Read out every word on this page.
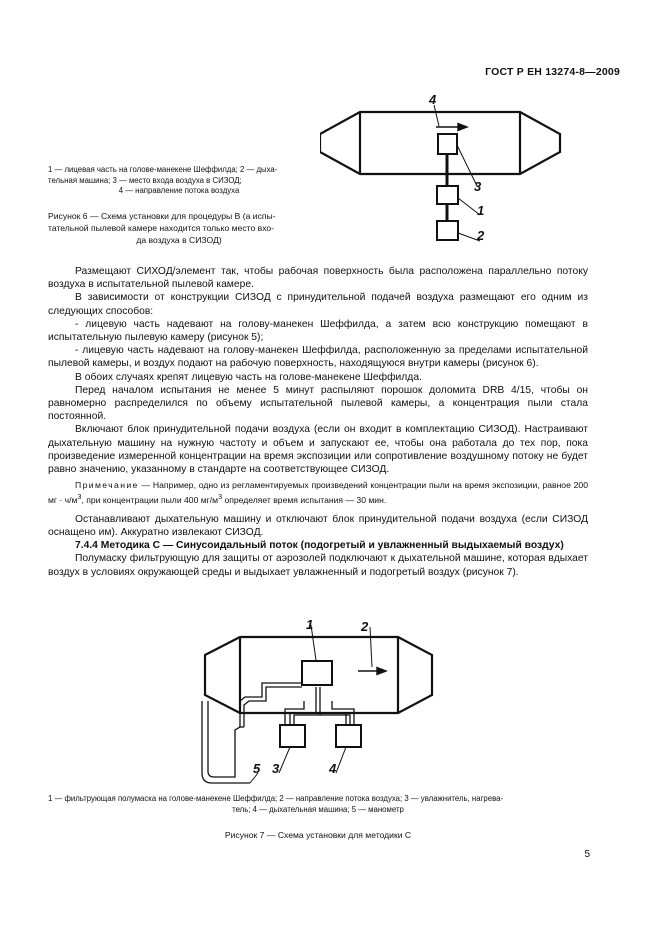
ГОСТ Р ЕН 13274-8—2009
4
3
1
2
1 — лицевая часть на голове-манекене Шеффилда; 2 — дыха-
тельная машина; 3 — место входа воздуха в СИЗОД;
4 — направление потока воздуха
Рисунок 6 — Схема установки для процедуры В (а испы-
тательной пылевой камере находится только место вхо-
да воздуха в СИЗОД)

Размещают СИХОД/элемент так, чтобы рабочая поверхность была расположена параллельно потоку воздуха в испытательной пылевой камере.

В зависимости от конструкции СИЗОД с принудительной подачей воздуха размещают его одним из следующих способов:

- лицевую часть надевают на голову-манекен Шеффилда, а затем всю конструкцию помещают в испытательную пылевую камеру (рисунок 5);

- лицевую часть надевают на голову-манекен Шеффилда, расположенную за пределами испытательной пылевой камеры, и воздух подают на рабочую поверхность, находящуюся внутри камеры (рисунок 6).

В обоих случаях крепят лицевую часть на голове-манекене Шеффилда.

Перед началом испытания не менее 5 минут распыляют порошок доломита DRB 4/15, чтобы он равномерно распределился по объему испытательной пылевой камеры, а концентрация пыли стала постоянной.

Включают блок принудительной подачи воздуха (если он входит в комплектацию СИЗОД). Настраивают дыхательную машину на нужную частоту и объем и запускают ее, чтобы она работала до тех пор, пока произведение измеренной концентрации на время экспозиции или сопротивление воздушному потоку не будет равно значению, указанному в стандарте на соответствующее СИЗОД.

Примечание — Например, одно из регламентируемых произведений концентрации пыли на время экспозиции, равное 200 мг · $ч/м^3$, при концентрации пыли 400 $мг/м^3$ определяет время испытания — 30 мин.

Останавливают дыхательную машину и отключают блок принудительной подачи воздуха (если СИЗОД оснащено им). Аккуратно извлекают СИЗОД.

7.4.4 Методика С — Синусоидальный поток (подогретый и увлажненный выдыхаемый воздух)

Полумаску фильтрующую для защиты от аэрозолей подключают к дыхательной машине, которая вдыхает воздух в условиях окружающей среды и выдыхает увлажненный и подогретый воздух (рисунок 7).

1	2
3	4
5
1 — фильтрующая полумаска на голове-манекене Шеффилда; 2 — направление потока воздуха; 3 — увлажнитель, нагрева-
тель; 4 — дыхательная машина; 5 — манометр
Рисунок 7 — Схема установки для методики С
5
